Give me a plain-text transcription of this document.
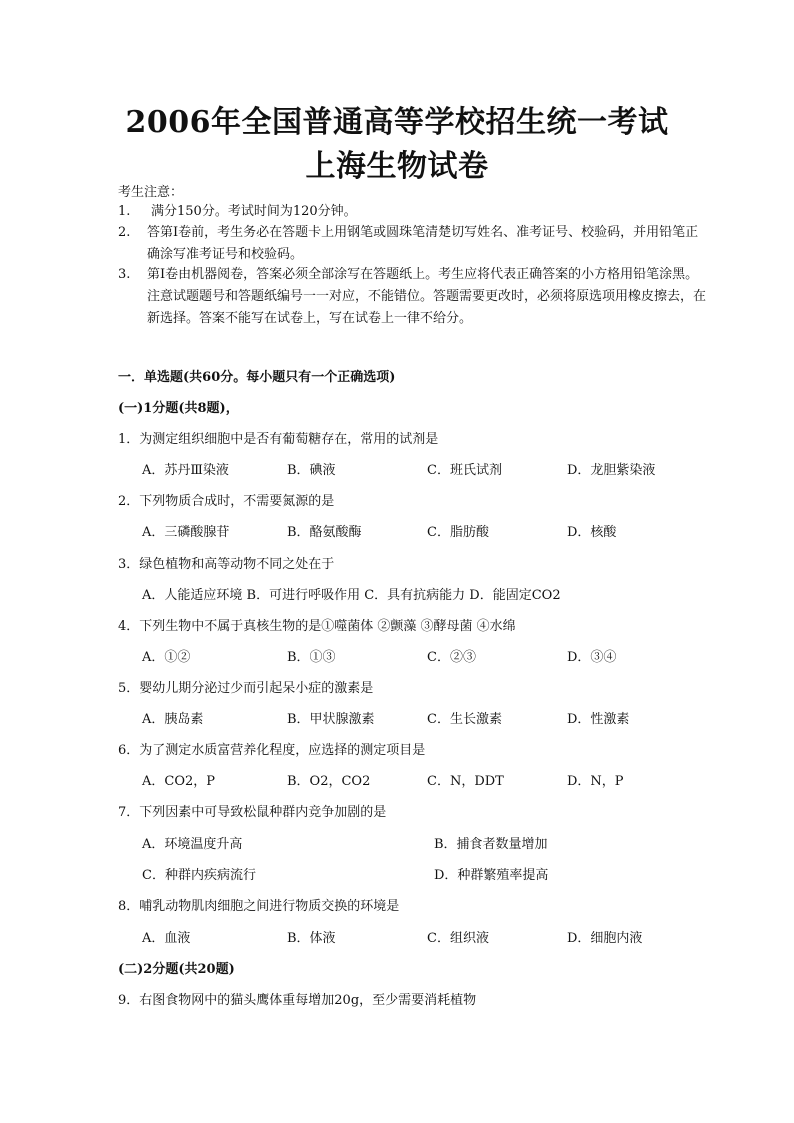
2006年全国普通高等学校招生统一考试
上海生物试卷
考生注意：
1.	满分150分。考试时间为120分钟。
2.	答第Ⅰ卷前，考生务必在答题卡上用钢笔或圆珠笔清楚切写姓名、准考证号、校验码，并用铅笔正确涂写准考证号和校验码。
3.	第Ⅰ卷由机器阅卷，答案必须全部涂写在答题纸上。考生应将代表正确答案的小方格用铅笔涂黑。注意试题题号和答题纸编号一一对应，不能错位。答题需要更改时，必须将原选项用橡皮擦去，在新选择。答案不能写在试卷上，写在试卷上一律不给分。
一．单选题(共60分。每小题只有一个正确选项)
(一)1分题(共8题)，
1．为测定组织细胞中是否有葡萄糖存在，常用的试剂是
A．苏丹Ⅲ染液	B．碘液	C．班氏试剂	D．龙胆紫染液
2．下列物质合成时，不需要氮源的是
A．三磷酸腺苷	B．酪氨酸酶	C．脂肪酸	D．核酸
3．绿色植物和高等动物不同之处在于
A．人能适应环境 B．可进行呼吸作用 C．具有抗病能力 D．能固定CO2
4．下列生物中不属于真核生物的是①噬菌体 ②颤藻 ③酵母菌 ④水绵
A．①②	B．①③	C．②③	D．③④
5．婴幼儿期分泌过少而引起呆小症的激素是
A．胰岛素	B．甲状腺激素	C．生长激素	D．性激素
6．为了测定水质富营养化程度，应选择的测定项目是
A．CO2，P	B．O2，CO2	C．N，DDT	D．N，P
7．下列因素中可导致松鼠种群内竞争加剧的是
A．环境温度升高	B．捕食者数量增加
C．种群内疾病流行	D．种群繁殖率提高
8．哺乳动物肌肉细胞之间进行物质交换的环境是
A．血液	B．体液	C．组织液	D．细胞内液
(二)2分题(共20题)
9．右图食物网中的猫头鹰体重每增加20g，至少需要消耗植物
